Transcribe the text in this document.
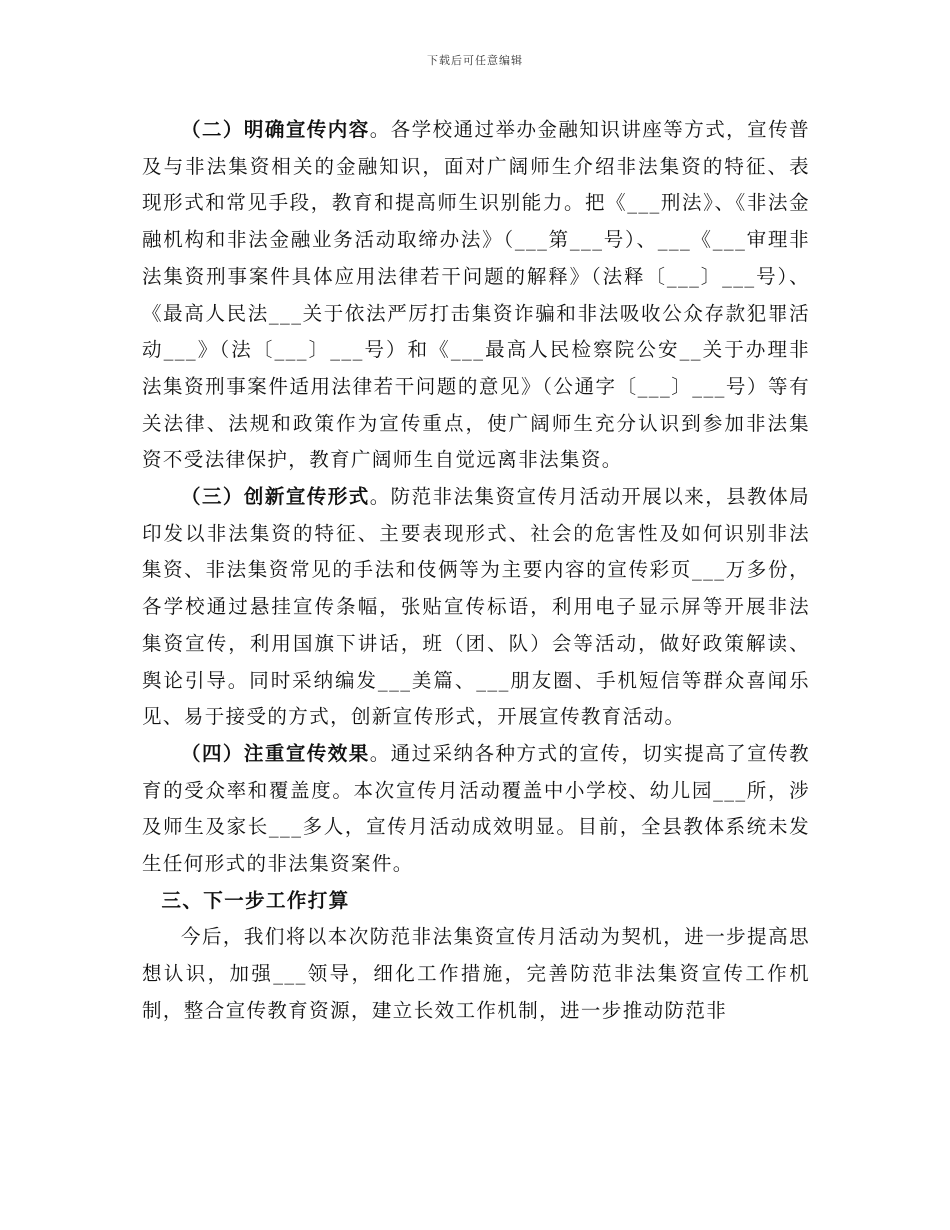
下载后可任意编辑

（二）明确宣传内容。各学校通过举办金融知识讲座等方式，宣传普及与非法集资相关的金融知识，面对广阔师生介绍非法集资的特征、表现形式和常见手段，教育和提高师生识别能力。把《___刑法》、《非法金融机构和非法金融业务活动取缔办法》（___第___号）、___《___审理非法集资刑事案件具体应用法律若干问题的解释》（法释〔___〕___号）、《最高人民法___关于依法严厉打击集资诈骗和非法吸收公众存款犯罪活动___》（法〔___〕___号）和《___最高人民检察院公安__关于办理非法集资刑事案件适用法律若干问题的意见》（公通字〔___〕___号）等有关法律、法规和政策作为宣传重点，使广阔师生充分认识到参加非法集资不受法律保护，教育广阔师生自觉远离非法集资。

（三）创新宣传形式。防范非法集资宣传月活动开展以来，县教体局印发以非法集资的特征、主要表现形式、社会的危害性及如何识别非法集资、非法集资常见的手法和伎俩等为主要内容的宣传彩页___万多份，各学校通过悬挂宣传条幅，张贴宣传标语，利用电子显示屏等开展非法集资宣传，利用国旗下讲话，班（团、队）会等活动，做好政策解读、舆论引导。同时采纳编发___美篇、___朋友圈、手机短信等群众喜闻乐见、易于接受的方式，创新宣传形式，开展宣传教育活动。

（四）注重宣传效果。通过采纳各种方式的宣传，切实提高了宣传教育的受众率和覆盖度。本次宣传月活动覆盖中小学校、幼儿园___所，涉及师生及家长___多人，宣传月活动成效明显。目前，全县教体系统未发生任何形式的非法集资案件。

三、下一步工作打算

今后，我们将以本次防范非法集资宣传月活动为契机，进一步提高思想认识，加强___领导，细化工作措施，完善防范非法集资宣传工作机制，整合宣传教育资源，建立长效工作机制，进一步推动防范非
